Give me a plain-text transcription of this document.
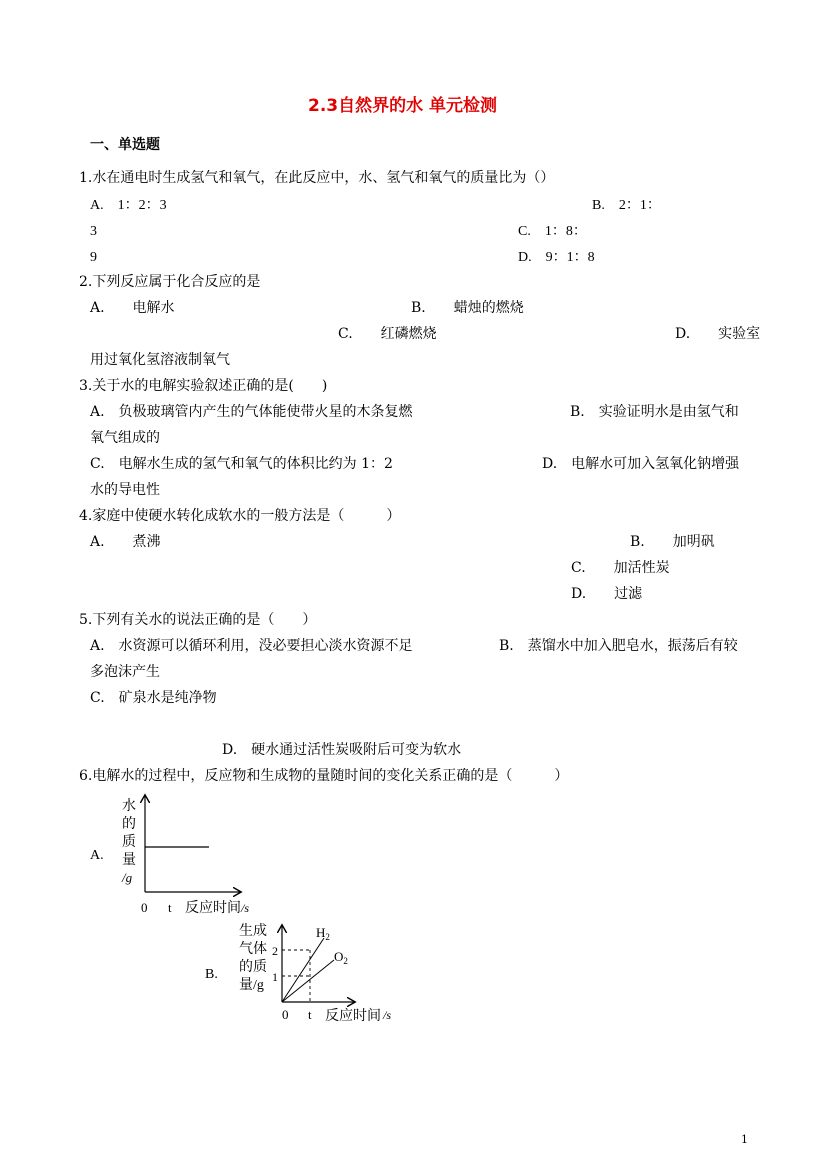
2.3自然界的水 单元检测
一、单选题
1.水在通电时生成氢气和氧气，在此反应中，水、氢气和氧气的质量比为（）
A.　1：2：3	B.　2：1：
3	C.　1：8：
9	D.　9：1：8
2.下列反应属于化合反应的是
A.　　电解水	B.　　蜡烛的燃烧
C.　　红磷燃烧	D.　　实验室
用过氧化氢溶液制氧气
3.关于水的电解实验叙述正确的是(　　)
A.　负极玻璃管内产生的气体能使带火星的木条复燃	B.　实验证明水是由氢气和
氧气组成的
C.　电解水生成的氢气和氧气的体积比约为 1：2	D.　电解水可加入氢氧化钠增强
水的导电性
4.家庭中使硬水转化成软水的一般方法是（　　　）
A.　　煮沸	B.　　加明矾
C.　　加活性炭
D.　　过滤
5.下列有关水的说法正确的是（　　）
A.　水资源可以循环利用，没必要担心淡水资源不足	B.　蒸馏水中加入肥皂水，振荡后有较
多泡沫产生
C.　矿泉水是纯净物
D.　硬水通过活性炭吸附后可变为软水
6.电解水的过程中，反应物和生成物的量随时间的变化关系正确的是（　　　）
A.
B.
水
的
质
量
/g
0 t 反应时间 /s
生成
气体
的质
量/g
2
1
$H_2$
$O_2$
0 t 反应时间 /s
1
